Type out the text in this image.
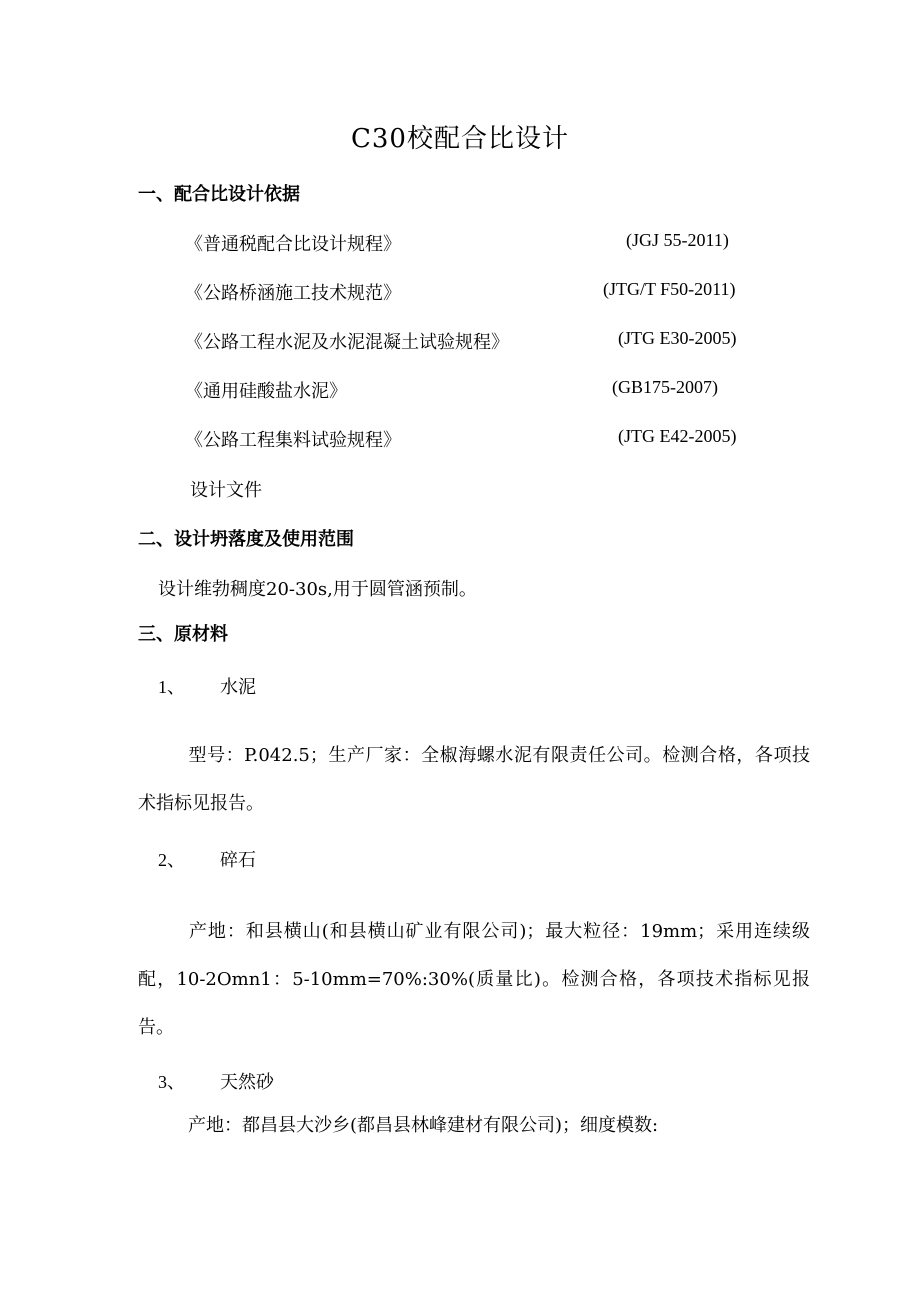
C30校配合比设计
一、配合比设计依据
《普通税配合比设计规程》	(JGJ 55-2011)
《公路桥涵施工技术规范》	(JTG/T F50-2011)
《公路工程水泥及水泥混凝土试验规程》	(JTG E30-2005)
《通用硅酸盐水泥》	(GB175-2007)
《公路工程集料试验规程》	(JTG E42-2005)
设计文件
二、设计坍落度及使用范围
设计维勃稠度20-30s,用于圆管涵预制。
三、原材料
1、 水泥
型号：P.042.5；生产厂家：全椒海螺水泥有限责任公司。检测合格，各项技术指标见报告。
2、 碎石
产地：和县横山(和县横山矿业有限公司)；最大粒径：19mm；采用连续级配，10-2Omn1：5-10mm=70%:30%(质量比)。检测合格，各项技术指标见报告。
3、 天然砂
产地：都昌县大沙乡(都昌县林峰建材有限公司)；细度模数:
